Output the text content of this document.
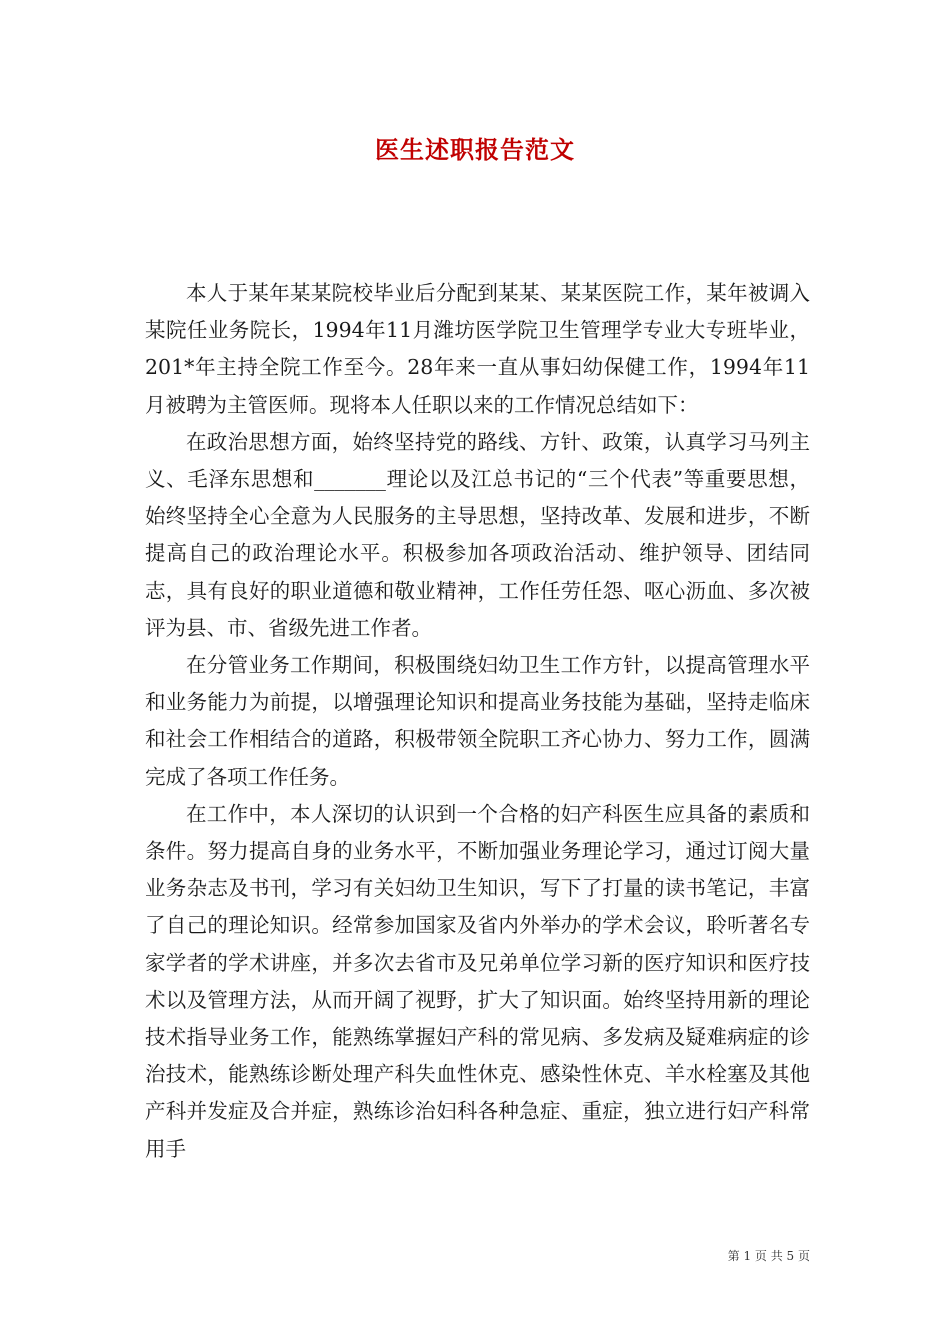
医生述职报告范文

本人于某年某某院校毕业后分配到某某、某某医院工作，某年被调入某院任业务院长，1994年11月潍坊医学院卫生管理学专业大专班毕业，201*年主持全院工作至今。28年来一直从事妇幼保健工作，1994年11月被聘为主管医师。现将本人任职以来的工作情况总结如下：

在政治思想方面，始终坚持党的路线、方针、政策，认真学习马列主义、毛泽东思想和_______理论以及江总书记的“三个代表”等重要思想，始终坚持全心全意为人民服务的主导思想，坚持改革、发展和进步，不断提高自己的政治理论水平。积极参加各项政治活动、维护领导、团结同志，具有良好的职业道德和敬业精神，工作任劳任怨、呕心沥血、多次被评为县、市、省级先进工作者。

在分管业务工作期间，积极围绕妇幼卫生工作方针，以提高管理水平和业务能力为前提，以增强理论知识和提高业务技能为基础，坚持走临床和社会工作相结合的道路，积极带领全院职工齐心协力、努力工作，圆满完成了各项工作任务。

在工作中，本人深切的认识到一个合格的妇产科医生应具备的素质和条件。努力提高自身的业务水平，不断加强业务理论学习，通过订阅大量业务杂志及书刊，学习有关妇幼卫生知识，写下了打量的读书笔记，丰富了自己的理论知识。经常参加国家及省内外举办的学术会议，聆听著名专家学者的学术讲座，并多次去省市及兄弟单位学习新的医疗知识和医疗技术以及管理方法，从而开阔了视野，扩大了知识面。始终坚持用新的理论技术指导业务工作，能熟练掌握妇产科的常见病、多发病及疑难病症的诊治技术，能熟练诊断处理产科失血性休克、感染性休克、羊水栓塞及其他产科并发症及合并症，熟练诊治妇科各种急症、重症，独立进行妇产科常用手

第 1 页 共 5 页
